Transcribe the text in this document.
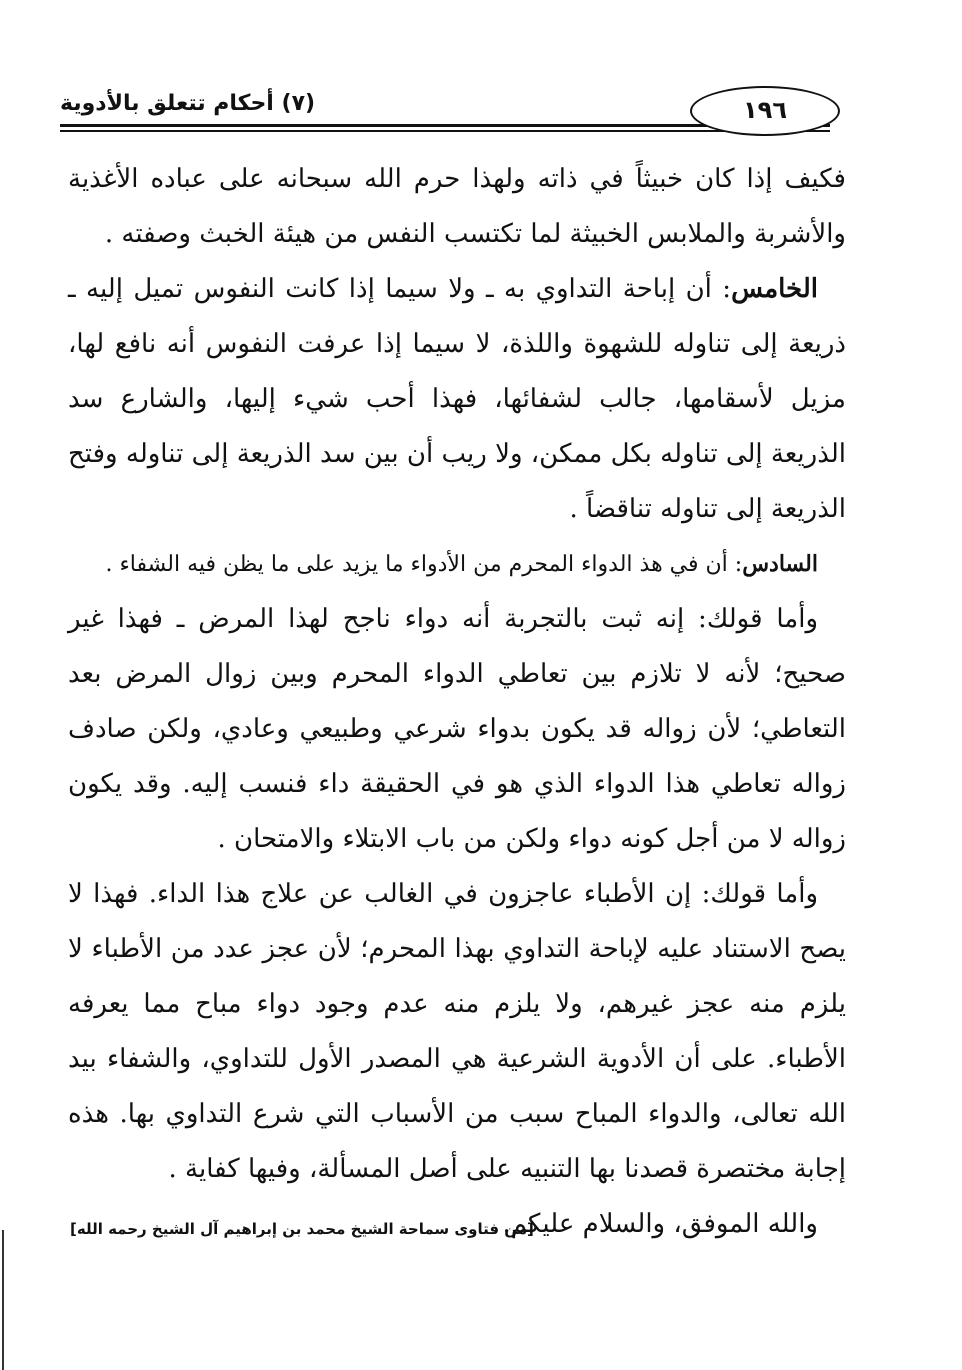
(٧) أحكام تتعلق بالأدوية	١٩٦

فكيف إذا كان خبيثاً في ذاته ولهذا حرم الله سبحانه على عباده الأغذية والأشربة والملابس الخبيثة لما تكتسب النفس من هيئة الخبث وصفته .

الخامس: أن إباحة التداوي به ـ ولا سيما إذا كانت النفوس تميل إليه ـ ذريعة إلى تناوله للشهوة واللذة، لا سيما إذا عرفت النفوس أنه نافع لها، مزيل لأسقامها، جالب لشفائها، فهذا أحب شيء إليها، والشارع سد الذريعة إلى تناوله بكل ممكن، ولا ريب أن بين سد الذريعة إلى تناوله وفتح الذريعة إلى تناوله تناقضاً .

السادس: أن في هذ الدواء المحرم من الأدواء ما يزيد على ما يظن فيه الشفاء .

وأما قولك: إنه ثبت بالتجربة أنه دواء ناجح لهذا المرض ـ فهذا غير صحيح؛ لأنه لا تلازم بين تعاطي الدواء المحرم وبين زوال المرض بعد التعاطي؛ لأن زواله قد يكون بدواء شرعي وطبيعي وعادي، ولكن صادف زواله تعاطي هذا الدواء الذي هو في الحقيقة داء فنسب إليه. وقد يكون زواله لا من أجل كونه دواء ولكن من باب الابتلاء والامتحان .

وأما قولك: إن الأطباء عاجزون في الغالب عن علاج هذا الداء. فهذا لا يصح الاستناد عليه لإباحة التداوي بهذا المحرم؛ لأن عجز عدد من الأطباء لا يلزم منه عجز غيرهم، ولا يلزم منه عدم وجود دواء مباح مما يعرفه الأطباء. على أن الأدوية الشرعية هي المصدر الأول للتداوي، والشفاء بيد الله تعالى، والدواء المباح سبب من الأسباب التي شرع التداوي بها. هذه إجابة مختصرة قصدنا بها التنبيه على أصل المسألة، وفيها كفاية .

والله الموفق، والسلام عليكم.

[من فتاوى سماحة الشيخ محمد بن إبراهيم آل الشيخ رحمه الله]
